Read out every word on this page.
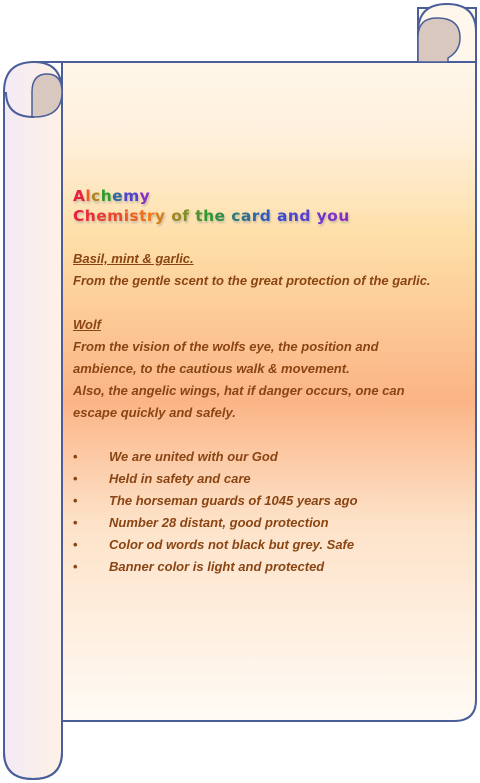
Alchemy
Chemistry of the card and you

Basil, mint & garlic.

From the gentle scent to the great protection of the garlic.

Wolf

From the vision of the wolfs eye, the position and ambience, to the cautious walk & movement.

Also, the angelic wings, hat if danger occurs, one can escape quickly and safely.

• We are united with our God
• Held in safety and care
• The horseman guards of 1045 years ago
• Number 28 distant, good protection
• Color od words not black but grey. Safe
• Banner color is light and protected
